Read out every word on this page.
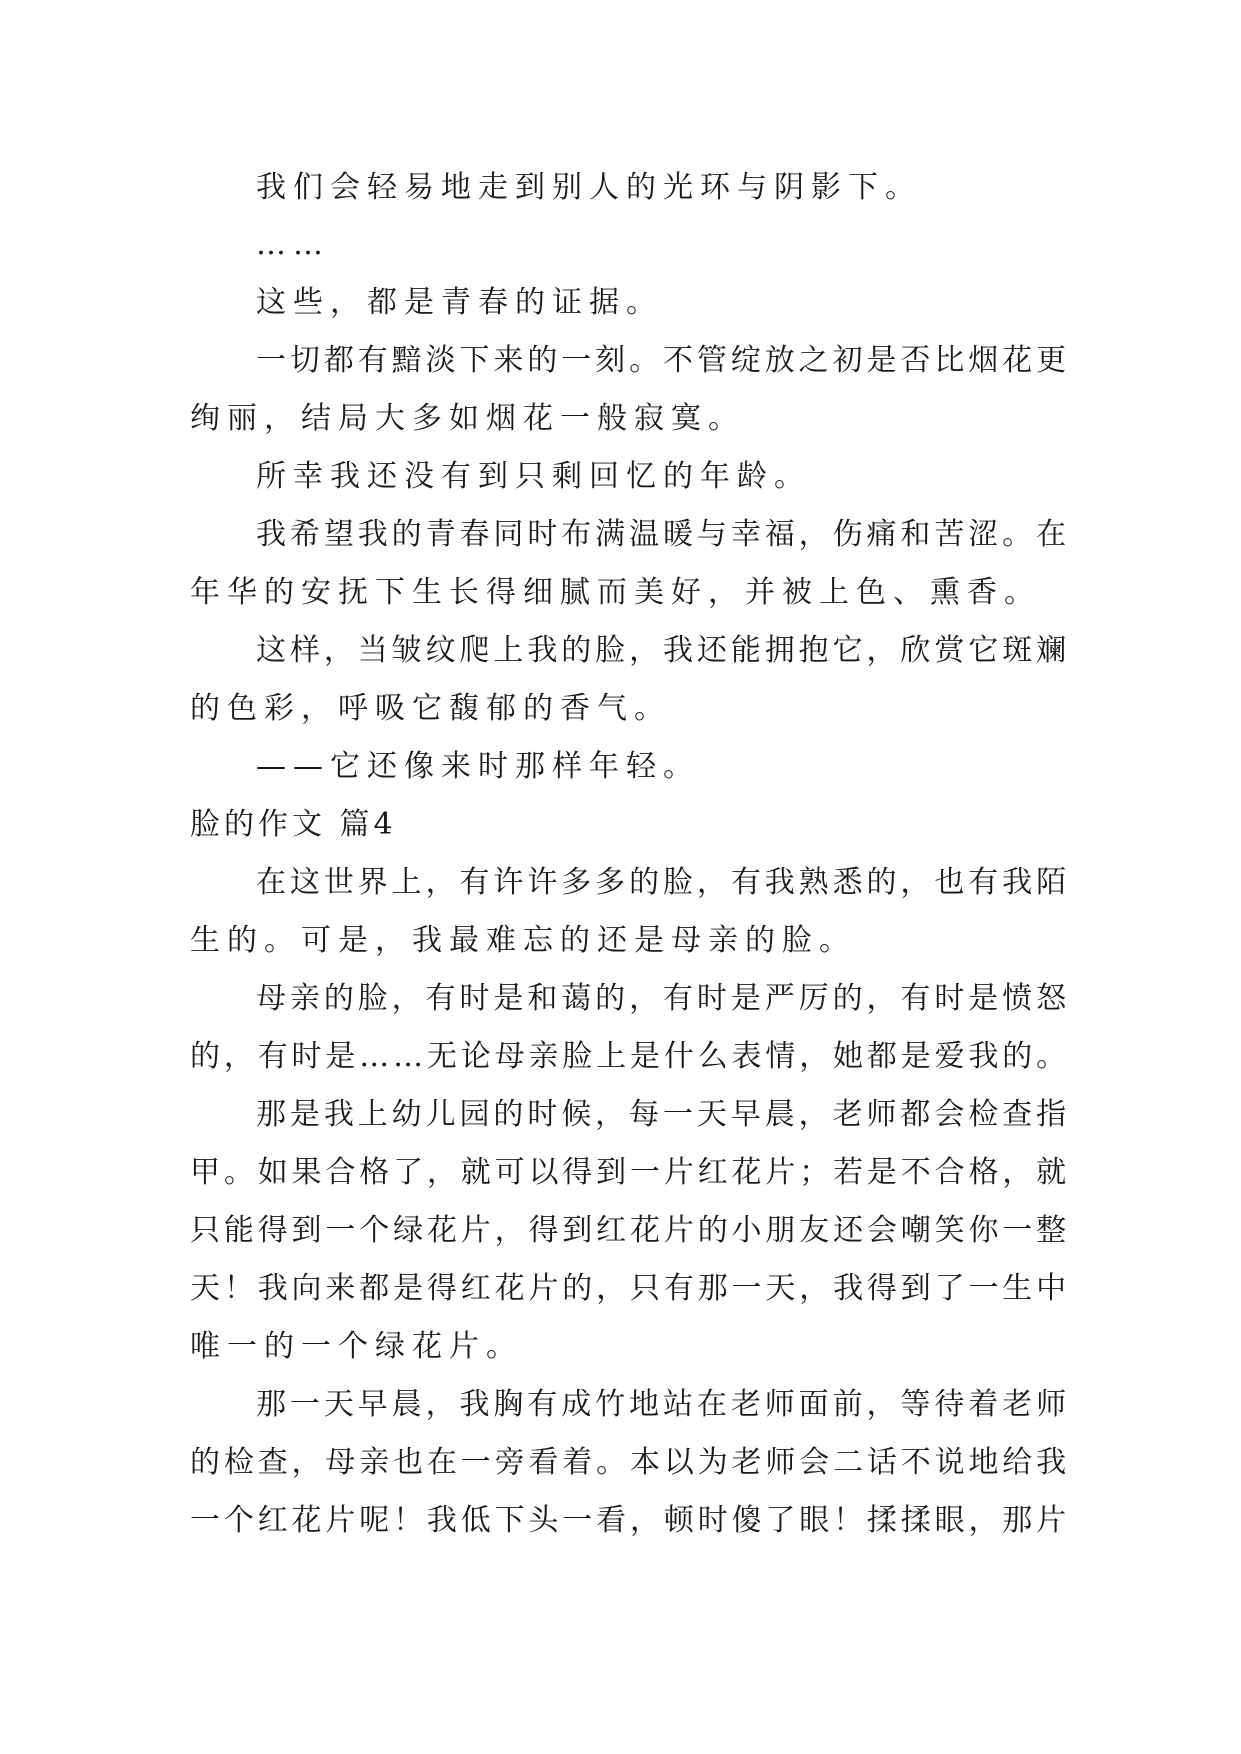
我们会轻易地走到别人的光环与阴影下。
……
这些，都是青春的证据。
一切都有黯淡下来的一刻。不管绽放之初是否比烟花更
绚丽，结局大多如烟花一般寂寞。
所幸我还没有到只剩回忆的年龄。
我希望我的青春同时布满温暖与幸福，伤痛和苦涩。在
年华的安抚下生长得细腻而美好，并被上色、熏香。
这样，当皱纹爬上我的脸，我还能拥抱它，欣赏它斑斓
的色彩，呼吸它馥郁的香气。
——它还像来时那样年轻。
脸的作文 篇4
在这世界上，有许许多多的脸，有我熟悉的，也有我陌
生的。可是，我最难忘的还是母亲的脸。
母亲的脸，有时是和蔼的，有时是严厉的，有时是愤怒
的，有时是……无论母亲脸上是什么表情，她都是爱我的。
那是我上幼儿园的时候，每一天早晨，老师都会检查指
甲。如果合格了，就可以得到一片红花片；若是不合格，就
只能得到一个绿花片，得到红花片的小朋友还会嘲笑你一整
天！我向来都是得红花片的，只有那一天，我得到了一生中
唯一的一个绿花片。
那一天早晨，我胸有成竹地站在老师面前，等待着老师
的检查，母亲也在一旁看着。本以为老师会二话不说地给我
一个红花片呢！我低下头一看，顿时傻了眼！揉揉眼，那片
